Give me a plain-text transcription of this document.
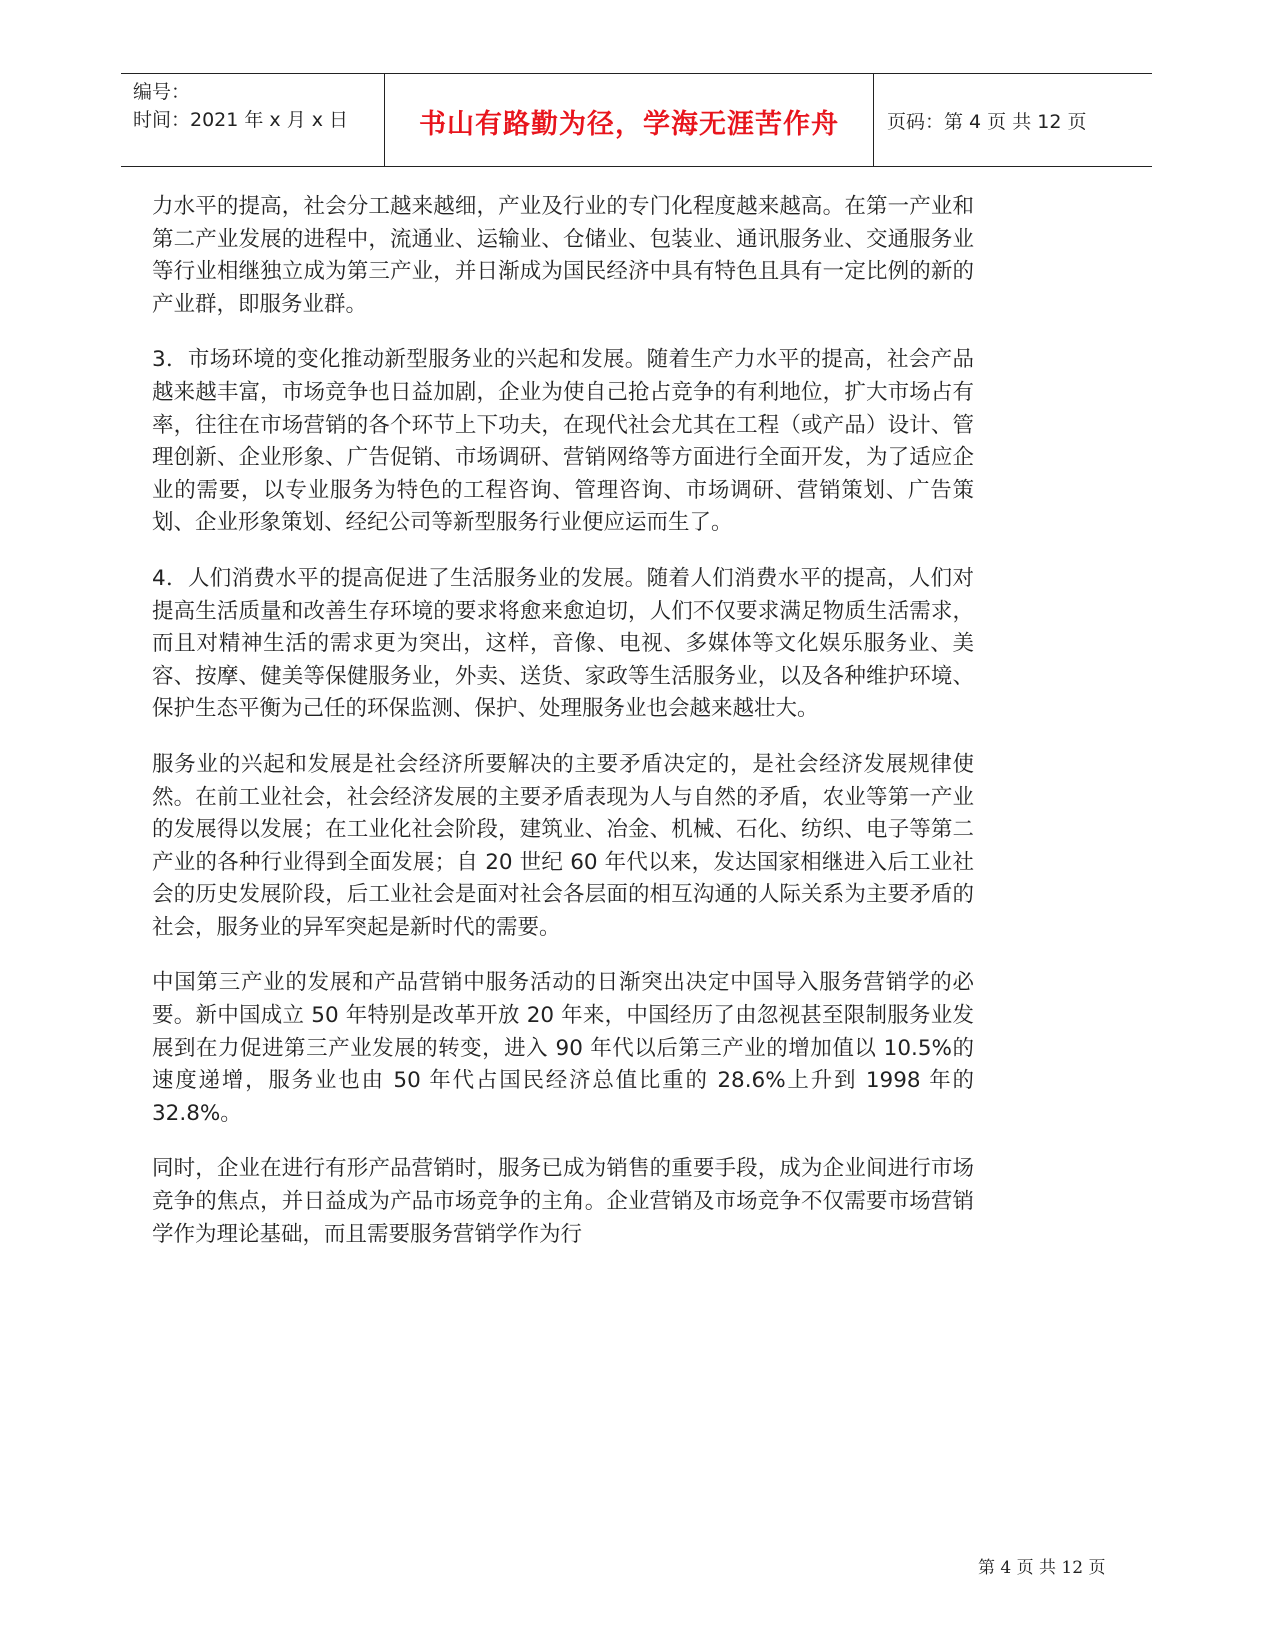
编号：
时间：2021 年 x 月 x 日	书山有路勤为径，学海无涯苦作舟	页码：第 4 页 共 12 页

力水平的提高，社会分工越来越细，产业及行业的专门化程度越来越高。在第一产业和第二产业发展的进程中，流通业、运输业、仓储业、包装业、通讯服务业、交通服务业等行业相继独立成为第三产业，并日渐成为国民经济中具有特色且具有一定比例的新的产业群，即服务业群。

3．市场环境的变化推动新型服务业的兴起和发展。随着生产力水平的提高，社会产品越来越丰富，市场竞争也日益加剧，企业为使自己抢占竞争的有利地位，扩大市场占有率，往往在市场营销的各个环节上下功夫，在现代社会尤其在工程（或产品）设计、管理创新、企业形象、广告促销、市场调研、营销网络等方面进行全面开发，为了适应企业的需要，以专业服务为特色的工程咨询、管理咨询、市场调研、营销策划、广告策划、企业形象策划、经纪公司等新型服务行业便应运而生了。

4．人们消费水平的提高促进了生活服务业的发展。随着人们消费水平的提高，人们对提高生活质量和改善生存环境的要求将愈来愈迫切，人们不仅要求满足物质生活需求，而且对精神生活的需求更为突出，这样，音像、电视、多媒体等文化娱乐服务业、美容、按摩、健美等保健服务业，外卖、送货、家政等生活服务业，以及各种维护环境、保护生态平衡为己任的环保监测、保护、处理服务业也会越来越壮大。

服务业的兴起和发展是社会经济所要解决的主要矛盾决定的，是社会经济发展规律使然。在前工业社会，社会经济发展的主要矛盾表现为人与自然的矛盾，农业等第一产业的发展得以发展；在工业化社会阶段，建筑业、冶金、机械、石化、纺织、电子等第二产业的各种行业得到全面发展；自 20 世纪 60 年代以来，发达国家相继进入后工业社会的历史发展阶段，后工业社会是面对社会各层面的相互沟通的人际关系为主要矛盾的社会，服务业的异军突起是新时代的需要。

中国第三产业的发展和产品营销中服务活动的日渐突出决定中国导入服务营销学的必要。新中国成立 50 年特别是改革开放 20 年来，中国经历了由忽视甚至限制服务业发展到在力促进第三产业发展的转变，进入 90 年代以后第三产业的增加值以 10.5%的速度递增，服务业也由 50 年代占国民经济总值比重的 28.6%上升到 1998 年的 32.8%。

同时，企业在进行有形产品营销时，服务已成为销售的重要手段，成为企业间进行市场竞争的焦点，并日益成为产品市场竞争的主角。企业营销及市场竞争不仅需要市场营销学作为理论基础，而且需要服务营销学作为行

第 4 页 共 12 页
